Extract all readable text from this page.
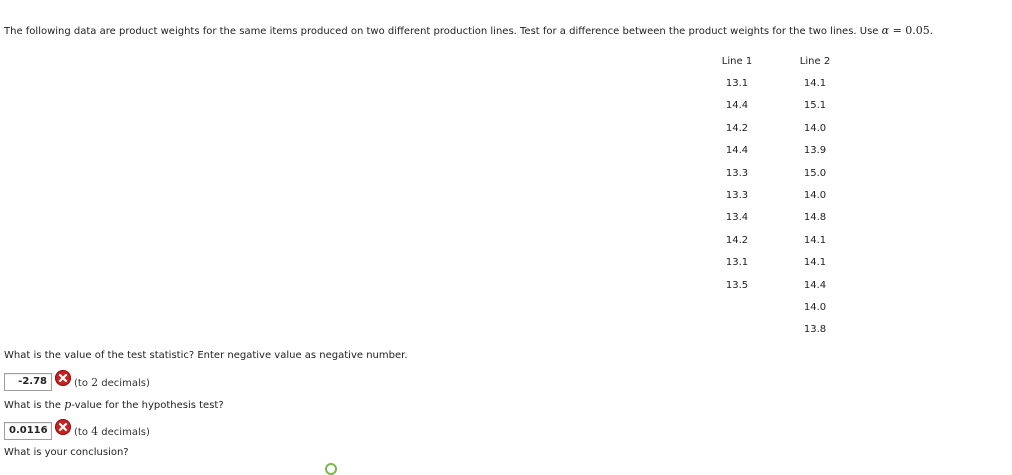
The following data are product weights for the same items produced on two different production lines. Test for a difference between the product weights for the two lines. Use α = 0.05.
Line 1	Line 2
13.1	14.1
14.4	15.1
14.2	14.0
14.4	13.9
13.3	15.0
13.3	14.0
13.4	14.8
14.2	14.1
13.1	14.1
13.5	14.4
	14.0
	13.8
What is the value of the test statistic? Enter negative value as negative number.
-2.78	(to 2 decimals)
What is the p-value for the hypothesis test?
0.0116	(to 4 decimals)
What is your conclusion?
